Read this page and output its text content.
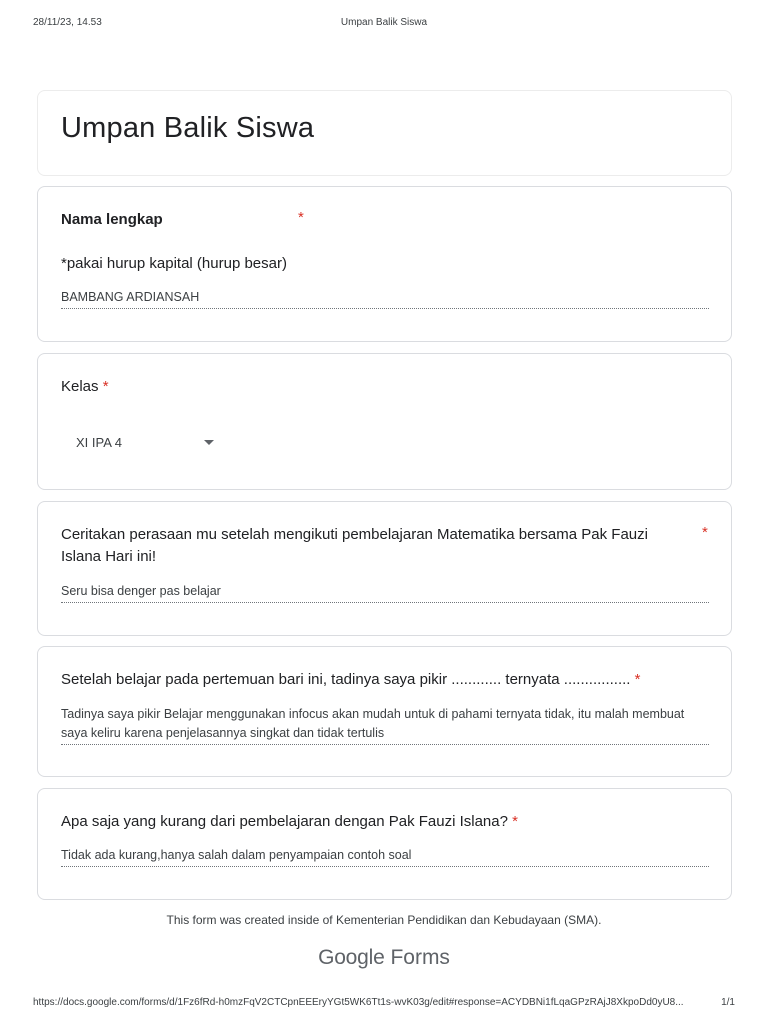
28/11/23, 14.53	Umpan Balik Siswa
Umpan Balik Siswa
Nama lengkap	*
*pakai hurup kapital (hurup besar)
BAMBANG ARDIANSAH
Kelas *
XI IPA 4
Ceritakan perasaan mu setelah mengikuti pembelajaran Matematika bersama Pak Fauzi Islana Hari ini!
*
Seru bisa denger pas belajar
Setelah belajar pada pertemuan bari ini, tadinya saya pikir ............ ternyata ................ *
Tadinya saya pikir Belajar menggunakan infocus akan mudah untuk di pahami ternyata tidak, itu malah membuat saya keliru karena penjelasannya singkat dan tidak tertulis
Apa saja yang kurang dari pembelajaran dengan Pak Fauzi Islana? *
Tidak ada kurang,hanya salah dalam penyampaian contoh soal
This form was created inside of Kementerian Pendidikan dan Kebudayaan (SMA).
Google Forms
https://docs.google.com/forms/d/1Fz6fRd-h0mzFqV2CTCpnEEEryYGt5WK6Tt1s-wvK03g/edit#response=ACYDBNi1fLqaGPzRAjJ8XkpoDd0yU8...	1/1
